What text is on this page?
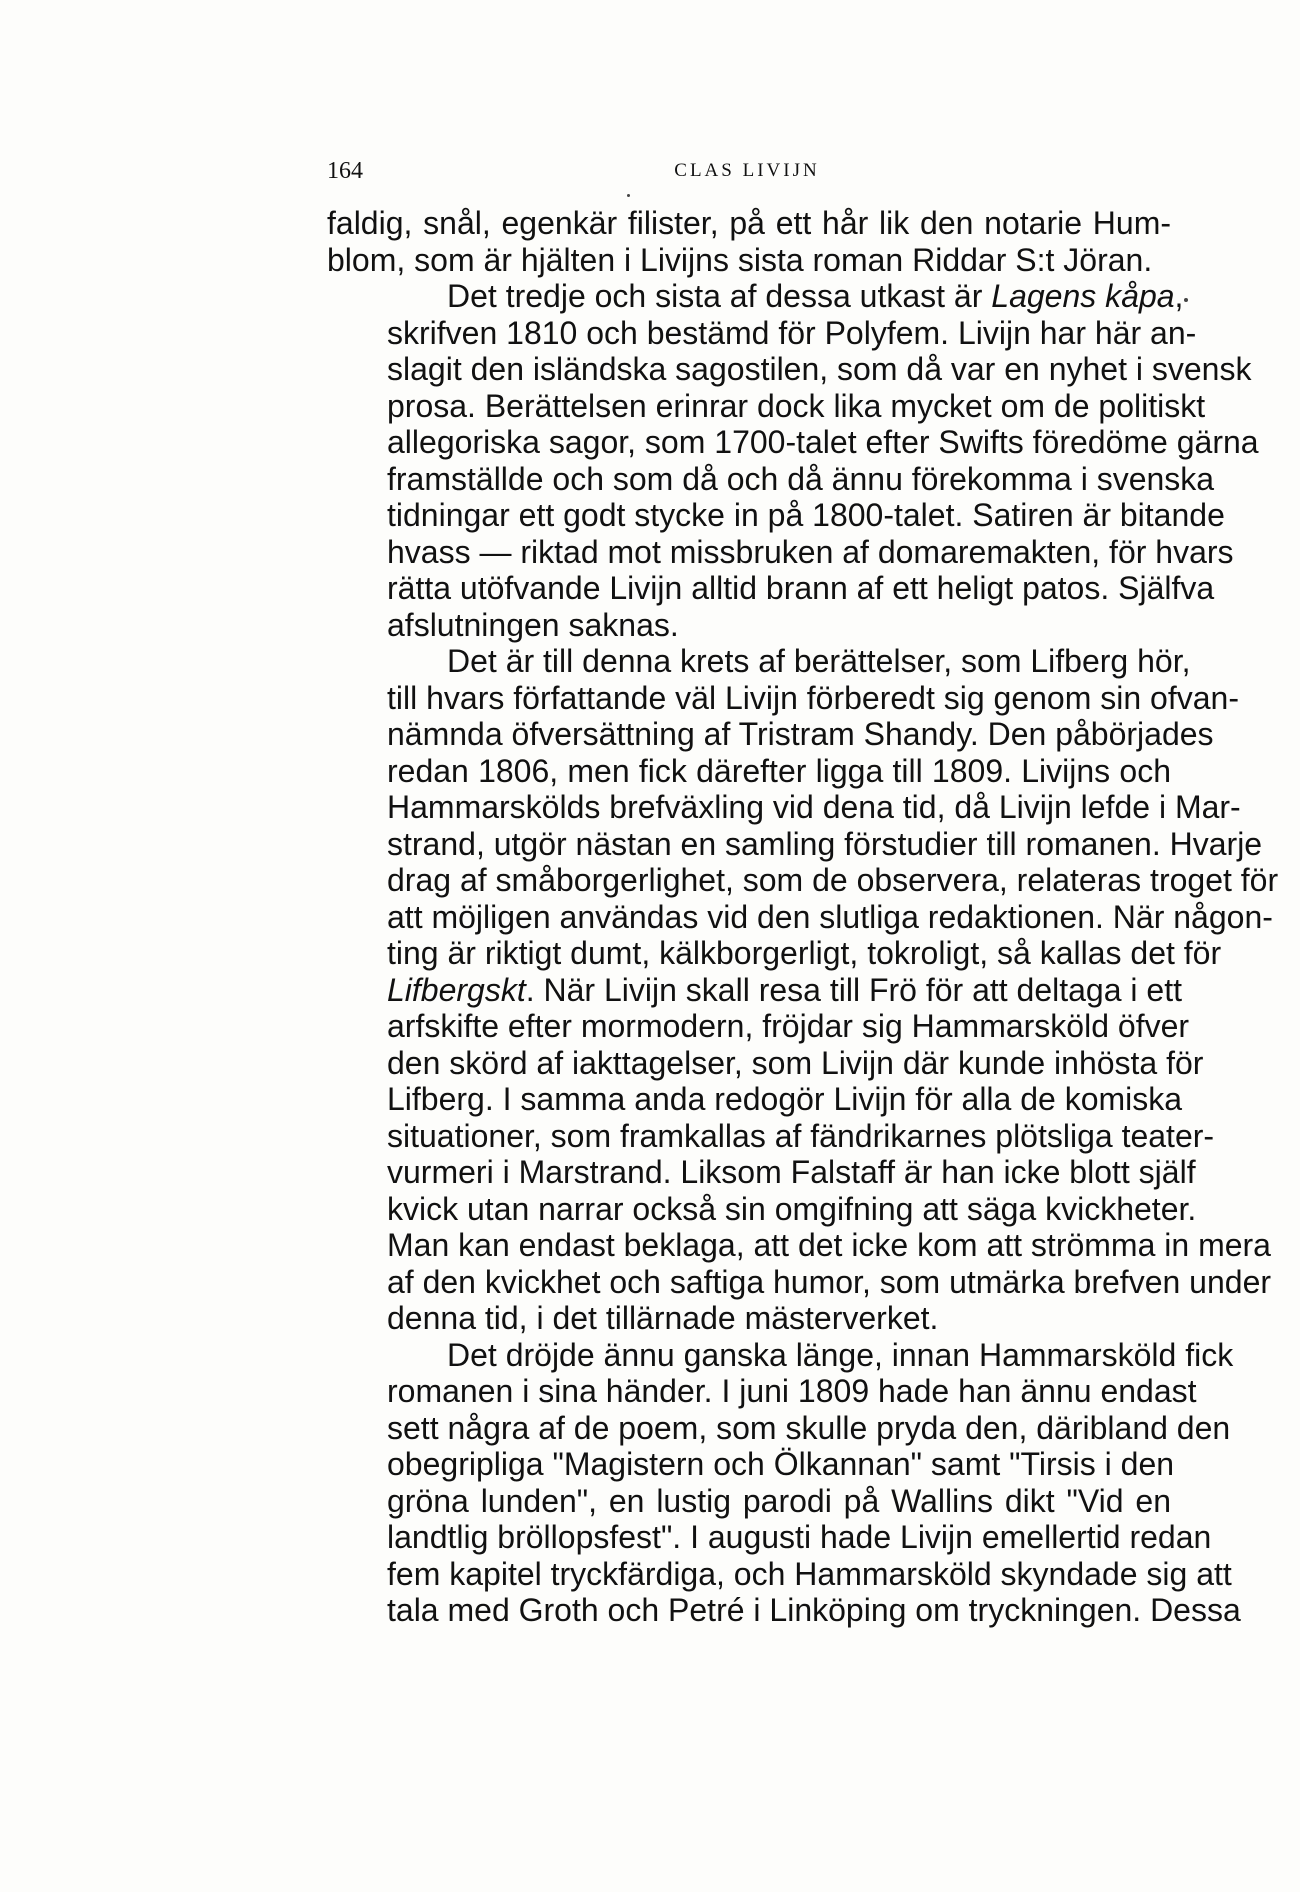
164	CLAS LIVIJN

faldig, snål, egenkär filister, på ett hår lik den notarie Hum-
blom, som är hjälten i Livijns sista roman Riddar S:t Jöran.

Det tredje och sista af dessa utkast är Lagens kåpa,
skrifven 1810 och bestämd för Polyfem. Livijn har här an-
slagit den isländska sagostilen, som då var en nyhet i svensk
prosa. Berättelsen erinrar dock lika mycket om de politiskt
allegoriska sagor, som 1700-talet efter Swifts föredöme gärna
framställde och som då och då ännu förekomma i svenska
tidningar ett godt stycke in på 1800-talet. Satiren är bitande
hvass — riktad mot missbruken af domaremakten, för hvars
rätta utöfvande Livijn alltid brann af ett heligt patos. Själfva
afslutningen saknas.

Det är till denna krets af berättelser, som Lifberg hör,
till hvars författande väl Livijn förberedt sig genom sin ofvan-
nämnda öfversättning af Tristram Shandy. Den påbörjades
redan 1806, men fick därefter ligga till 1809. Livijns och
Hammarskölds brefväxling vid dena tid, då Livijn lefde i Mar-
strand, utgör nästan en samling förstudier till romanen. Hvarje
drag af småborgerlighet, som de observera, relateras troget för
att möjligen användas vid den slutliga redaktionen. När någon-
ting är riktigt dumt, kälkborgerligt, tokroligt, så kallas det för
Lifbergskt. När Livijn skall resa till Frö för att deltaga i ett
arfskifte efter mormodern, fröjdar sig Hammarsköld öfver
den skörd af iakttagelser, som Livijn där kunde inhösta för
Lifberg. I samma anda redogör Livijn för alla de komiska
situationer, som framkallas af fändrikarnes plötsliga teater-
vurmeri i Marstrand. Liksom Falstaff är han icke blott själf
kvick utan narrar också sin omgifning att säga kvickheter.
Man kan endast beklaga, att det icke kom att strömma in mera
af den kvickhet och saftiga humor, som utmärka brefven under
denna tid, i det tillärnade mästerverket.

Det dröjde ännu ganska länge, innan Hammarsköld fick
romanen i sina händer. I juni 1809 hade han ännu endast
sett några af de poem, som skulle pryda den, däribland den
obegripliga "Magistern och Ölkannan" samt "Tirsis i den
gröna lunden", en lustig parodi på Wallins dikt "Vid en
landtlig bröllopsfest". I augusti hade Livijn emellertid redan
fem kapitel tryckfärdiga, och Hammarsköld skyndade sig att
tala med Groth och Petré i Linköping om tryckningen. Dessa
